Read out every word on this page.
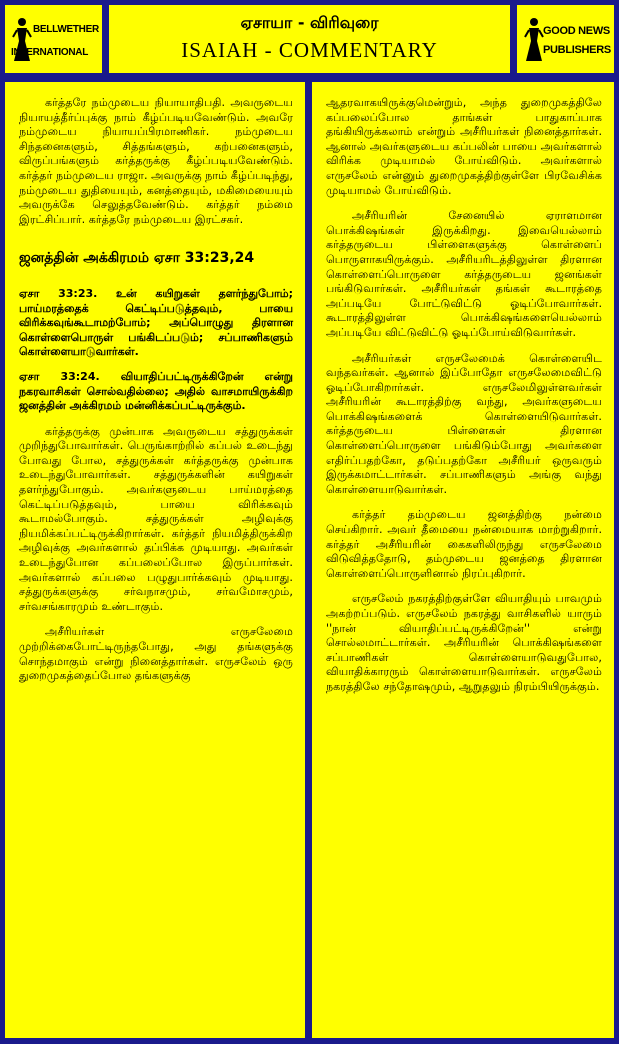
BELLWETHER
INTERNATIONAL
ஏசாயா - விரிவுரை
ISAIAH - COMMENTARY
GOOD NEWS
PUBLISHERS

கர்த்தரே நம்முடைய நியாயாதிபதி. அவருடைய நியாயத்தீர்ப்புக்கு நாம் கீழ்ப்படியவேண்டும். அவரே நம்முடைய நியாயப்பிரமாணிகர். நம்முடைய சிந்தனைகளும், சித்தங்களும், கற்பனைகளும், விருப்பங்களும் கர்த்தருக்கு கீழ்ப்படியவேண்டும். கர்த்தர் நம்முடைய ராஜா. அவருக்கு நாம் கீழ்ப்படிந்து, நம்முடைய துதியையும், கனத்தையும், மகிமையையும் அவருக்கே செலுத்தவேண்டும். கர்த்தர் நம்மை இரட்சிப்பார். கர்த்தரே நம்முடைய இரட்சகர்.

ஜனத்தின் அக்கிரமம் ஏசா 33:23,24

ஏசா 33:23. உன் கயிறுகள் தளர்ந்துபோம்; பாய்மரத்தைக் கெட்டிப்படுத்தவும், பாயை விரிக்கவுங்கூடாமற்போம்; அப்பொழுது திரளான கொள்ளைபொருள் பங்கிடப்படும்; சப்பாணிகளும் கொள்ளையாடுவார்கள்.

ஏசா 33:24. வியாதிப்பட்டிருக்கிறேன் என்று நகரவாசிகள் சொல்வதில்லை; அதில் வாசமாயிருக்கிற ஜனத்தின் அக்கிரமம் மன்னிக்கப்பட்டிருக்கும்.

கர்த்தருக்கு முன்பாக அவருடைய சத்துருக்கள் முறிந்துபோவார்கள். பெருங்காற்றில் கப்பல் உடைந்து போவது போல, சத்துருக்கள் கர்த்தருக்கு முன்பாக உடைந்துபோவார்கள். சத்துருக்களின் கயிறுகள் தளர்ந்துபோகும். அவர்களுடைய பாய்மரத்தை கெட்டிப்படுத்தவும், பாயை விரிக்கவும் கூடாமல்போகும். சத்துருக்கள் அழிவுக்கு நியமிக்கப்பட்டிருக்கிறார்கள். கர்த்தர் நியமித்திருக்கிற அழிவுக்கு அவர்களால் தப்பிக்க முடியாது. அவர்கள் உடைந்துபோன கப்பலைப்போல இருப்பார்கள். அவர்களால் கப்பலை பழுதுபார்க்கவும் முடியாது. சத்துருக்களுக்கு சர்வநாசமும், சர்வமோசமும், சர்வசங்காரமும் உண்டாகும்.

அசீரியர்கள் எருசலேமை முற்றிக்கைபோட்டிருந்தபோது, அது தங்களுக்கு சொந்தமாகும் என்று நினைத்தார்கள். எருசலேம் ஒரு துறைமுகத்தைப்போல தங்களுக்கு

ஆதரவாகயிருக்குமென்றும், அந்த துறைமுகத்திலே கப்பலைப்போல தாங்கள் பாதுகாப்பாக தங்கியிருக்கலாம் என்றும் அசீரியர்கள் நினைத்தார்கள். ஆனால் அவர்களுடைய கப்பலின் பாயை அவர்களால் விரிக்க முடியாமல் போய்விடும். அவர்களால் எருசலேம் என்னும் துறைமுகத்திற்குள்ளே பிரவேசிக்க முடியாமல் போய்விடும்.

அசீரியரின் சேனையில் ஏராளமான பொக்கிஷங்கள் இருக்கிறது. இவையெல்லாம் கர்த்தருடைய பிள்ளைகளுக்கு கொள்ளைப் பொருளாகயிருக்கும். அசீரியரிடத்திலுள்ள திரளான கொள்ளைப்பொருளை கர்த்தருடைய ஜனங்கள் பங்கிடுவார்கள். அசீரியர்கள் தங்கள் கூடாரத்தை அப்படியே போட்டுவிட்டு ஓடிப்போவார்கள். கூடாரத்திலுள்ள பொக்கிஷங்களையெல்லாம் அப்படியே விட்டுவிட்டு ஓடிப்போய்விடுவார்கள்.

அசீரியர்கள் எருசலேமைக் கொள்ளையிட வந்தவர்கள். ஆனால் இப்போதோ எருசலேமைவிட்டு ஓடிப்போகிறார்கள். எருசலேமிலுள்ளவர்கள் அசீரியரின் கூடாரத்திற்கு வந்து, அவர்களுடைய பொக்கிஷங்களைக் கொள்ளையிடுவார்கள். கர்த்தருடைய பிள்ளைகள் திரளான கொள்ளைப்பொருளை பங்கிடும்போது அவர்களை எதிர்ப்பதற்கோ, தடுப்பதற்கோ அசீரியர் ஒருவரும் இருக்கமாட்டார்கள். சப்பாணிகளும் அங்கு வந்து கொள்ளையாடுவார்கள்.

கர்த்தர் தம்முடைய ஜனத்திற்கு நன்மை செய்கிறார். அவர் தீமையை நன்மையாக மாற்றுகிறார். கர்த்தர் அசீரியரின் கைகளிலிருந்து எருசலேமை விடுவித்ததோடு, தம்முடைய ஜனத்தை திரளான கொள்ளைப்பொருளினால் நிரப்புகிறார்.

எருசலேம் நகரத்திற்குள்ளே வியாதியும் பாவமும் அகற்றப்படும். எருசலேம் நகரத்து வாசிகளில் யாரும் ''நான் வியாதிப்பட்டிருக்கிறேன்'' என்று சொல்லமாட்டார்கள். அசீரியரின் பொக்கிஷங்களை சப்பாணிகள் கொள்ளையாடுவதுபோல, வியாதிக்காரரும் கொள்ளையாடுவார்கள். எருசலேம் நகரத்திலே சந்தோஷமும், ஆறுதலும் நிரம்பியிருக்கும்.
